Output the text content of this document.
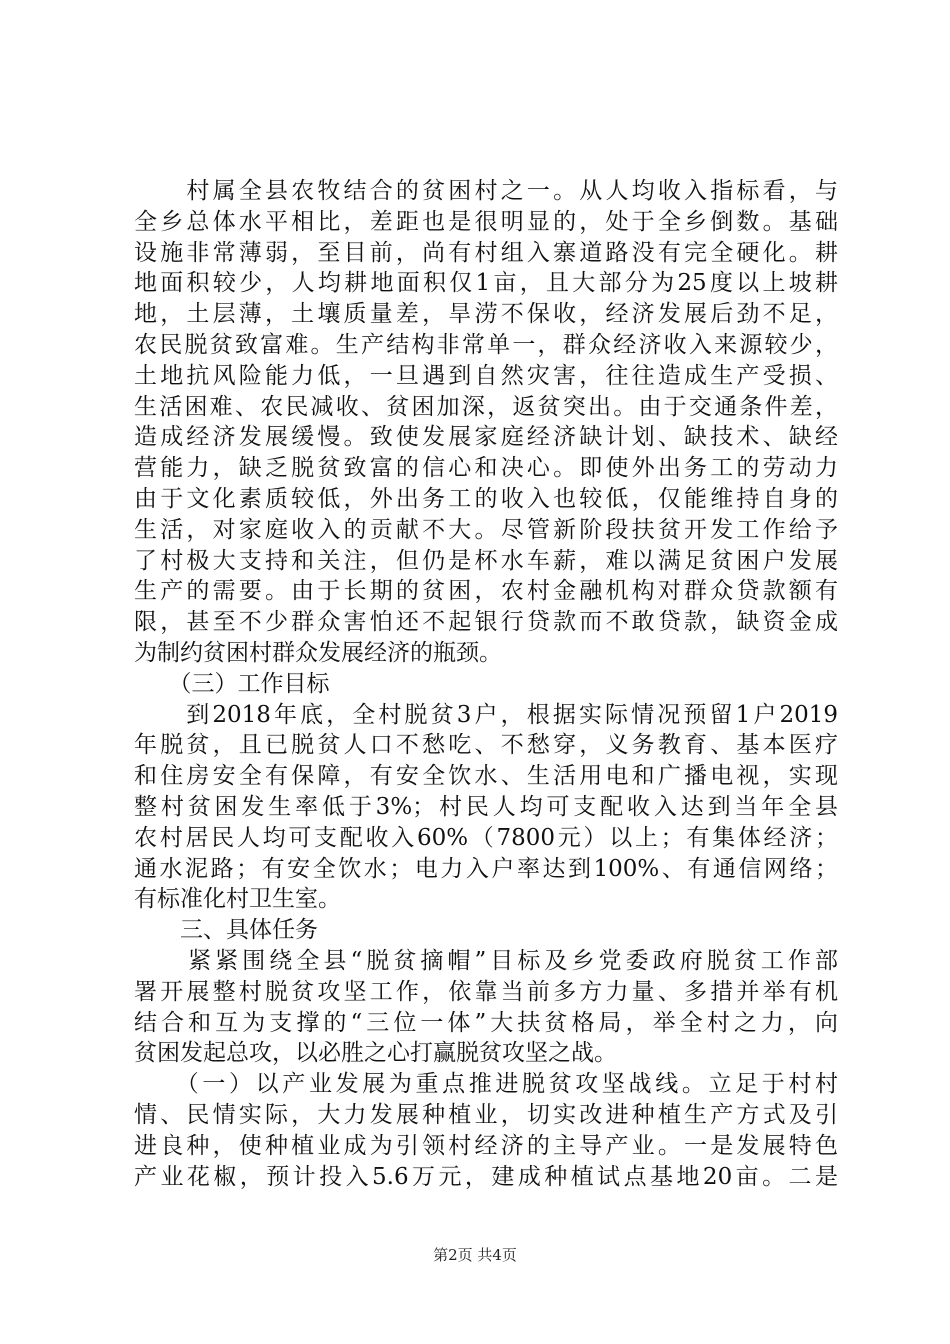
　　村属全县农牧结合的贫困村之一。从人均收入指标看，与
全乡总体水平相比，差距也是很明显的，处于全乡倒数。基础
设施非常薄弱，至目前，尚有村组入寨道路没有完全硬化。耕
地面积较少，人均耕地面积仅1亩，且大部分为25度以上坡耕
地，土层薄，土壤质量差，旱涝不保收，经济发展后劲不足，
农民脱贫致富难。生产结构非常单一，群众经济收入来源较少，
土地抗风险能力低，一旦遇到自然灾害，往往造成生产受损、
生活困难、农民减收、贫困加深，返贫突出。由于交通条件差，
造成经济发展缓慢。致使发展家庭经济缺计划、缺技术、缺经
营能力，缺乏脱贫致富的信心和决心。即使外出务工的劳动力
由于文化素质较低，外出务工的收入也较低，仅能维持自身的
生活，对家庭收入的贡献不大。尽管新阶段扶贫开发工作给予
了村极大支持和关注，但仍是杯水车薪，难以满足贫困户发展
生产的需要。由于长期的贫困，农村金融机构对群众贷款额有
限，甚至不少群众害怕还不起银行贷款而不敢贷款，缺资金成
为制约贫困村群众发展经济的瓶颈。
　　（三）工作目标
　　到2018年底，全村脱贫3户，根据实际情况预留1户2019
年脱贫，且已脱贫人口不愁吃、不愁穿，义务教育、基本医疗
和住房安全有保障，有安全饮水、生活用电和广播电视，实现
整村贫困发生率低于3%；村民人均可支配收入达到当年全县
农村居民人均可支配收入60%（7800元）以上；有集体经济；
通水泥路；有安全饮水；电力入户率达到100%、有通信网络；
有标准化村卫生室。
　　三、具体任务
　　紧紧围绕全县“脱贫摘帽”目标及乡党委政府脱贫工作部
署开展整村脱贫攻坚工作，依靠当前多方力量、多措并举有机
结合和互为支撑的“三位一体”大扶贫格局，举全村之力，向
贫困发起总攻，以必胜之心打赢脱贫攻坚之战。
　　（一）以产业发展为重点推进脱贫攻坚战线。立足于村村
情、民情实际，大力发展种植业，切实改进种植生产方式及引
进良种，使种植业成为引领村经济的主导产业。一是发展特色
产业花椒，预计投入5.6万元，建成种植试点基地20亩。二是
第2页 共4页
